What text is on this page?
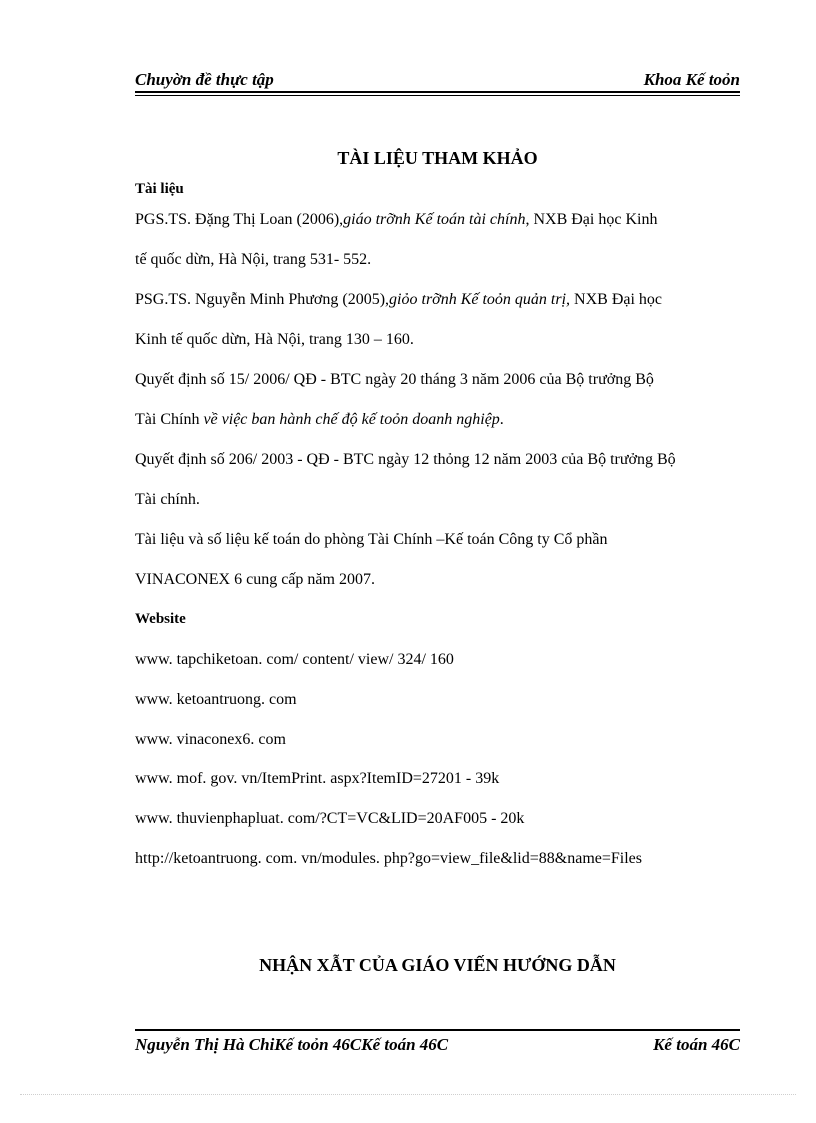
Chuyờn đề thực tập	Khoa Kế toỏn
TÀI LIỆU THAM KHẢO
Tài liệu
PGS.TS. Đặng Thị Loan (2006),giáo trỡnh Kế toán tài chính, NXB Đại học Kinh
tế quốc dừn, Hà Nội, trang 531- 552.
PSG.TS. Nguyễn Minh Phương (2005),giỏo trỡnh Kế toỏn quản trị, NXB Đại học
Kinh tế quốc dừn, Hà Nội, trang 130 – 160.
Quyết định số 15/ 2006/ QĐ - BTC ngày 20 tháng 3 năm 2006 của Bộ trưởng Bộ
Tài Chính về việc ban hành chế độ kế toỏn doanh nghiệp.
Quyết định số 206/ 2003 - QĐ - BTC ngày 12 thỏng 12 năm 2003 của Bộ trưởng Bộ
Tài chính.
Tài liệu và số liệu kế toán do phòng Tài Chính –Kế toán Công ty Cổ phần
VINACONEX 6 cung cấp năm 2007.
Website
www. tapchiketoan. com/ content/ view/ 324/ 160
www. ketoantruong. com
www. vinaconex6. com
www. mof. gov. vn/ItemPrint. aspx?ItemID=27201 - 39k
www. thuvienphapluat. com/?CT=VC&LID=20AF005 - 20k
http://ketoantruong. com. vn/modules. php?go=view_file&lid=88&name=Files
NHẬN XẪT CỦA GIÁO VIẾN HƯỚNG DẪN
Nguyễn Thị Hà ChiKế toỏn 46CKế toán 46C	Kế toán 46C
